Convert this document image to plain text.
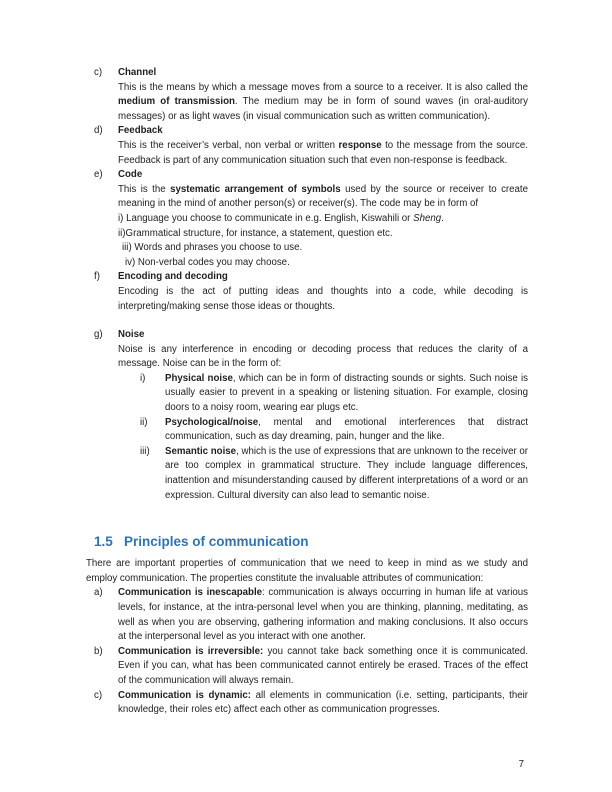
c)	Channel
This is the means by which a message moves from a source to a receiver. It is also called the medium of transmission. The medium may be in form of sound waves (in oral-auditory messages) or as light waves (in visual communication such as written communication).
d)	Feedback
This is the receiver’s verbal, non verbal or written response to the message from the source. Feedback is part of any communication situation such that even non-response is feedback.
e)	Code
This is the systematic arrangement of symbols used by the source or receiver to create meaning in the mind of another person(s) or receiver(s). The code may be in form of
i) Language you choose to communicate in e.g. English, Kiswahili or Sheng.
ii)Grammatical structure, for instance, a statement, question etc.
iii) Words and phrases you choose to use.
iv) Non-verbal codes you may choose.
f)	Encoding and decoding
Encoding is the act of putting ideas and thoughts into a code, while decoding is interpreting/making sense those ideas or thoughts.
g)	Noise
Noise is any interference in encoding or decoding process that reduces the clarity of a message. Noise can be in the form of:
i)	Physical noise, which can be in form of distracting sounds or sights. Such noise is usually easier to prevent in a speaking or listening situation. For example, closing doors to a noisy room, wearing ear plugs etc.
ii)	Psychological/noise, mental and emotional interferences that distract communication, such as day dreaming, pain, hunger and the like.
iii)	Semantic noise, which is the use of expressions that are unknown to the receiver or are too complex in grammatical structure. They include language differences, inattention and misunderstanding caused by different interpretations of a word or an expression. Cultural diversity can also lead to semantic noise.
1.5 Principles of communication
There are important properties of communication that we need to keep in mind as we study and employ communication. The properties constitute the invaluable attributes of communication:
a)	Communication is inescapable: communication is always occurring in human life at various levels, for instance, at the intra-personal level when you are thinking, planning, meditating, as well as when you are observing, gathering information and making conclusions. It also occurs at the interpersonal level as you interact with one another.
b)	Communication is irreversible: you cannot take back something once it is communicated. Even if you can, what has been communicated cannot entirely be erased. Traces of the effect of the communication will always remain.
c)	Communication is dynamic: all elements in communication (i.e. setting, participants, their knowledge, their roles etc) affect each other as communication progresses.
7
